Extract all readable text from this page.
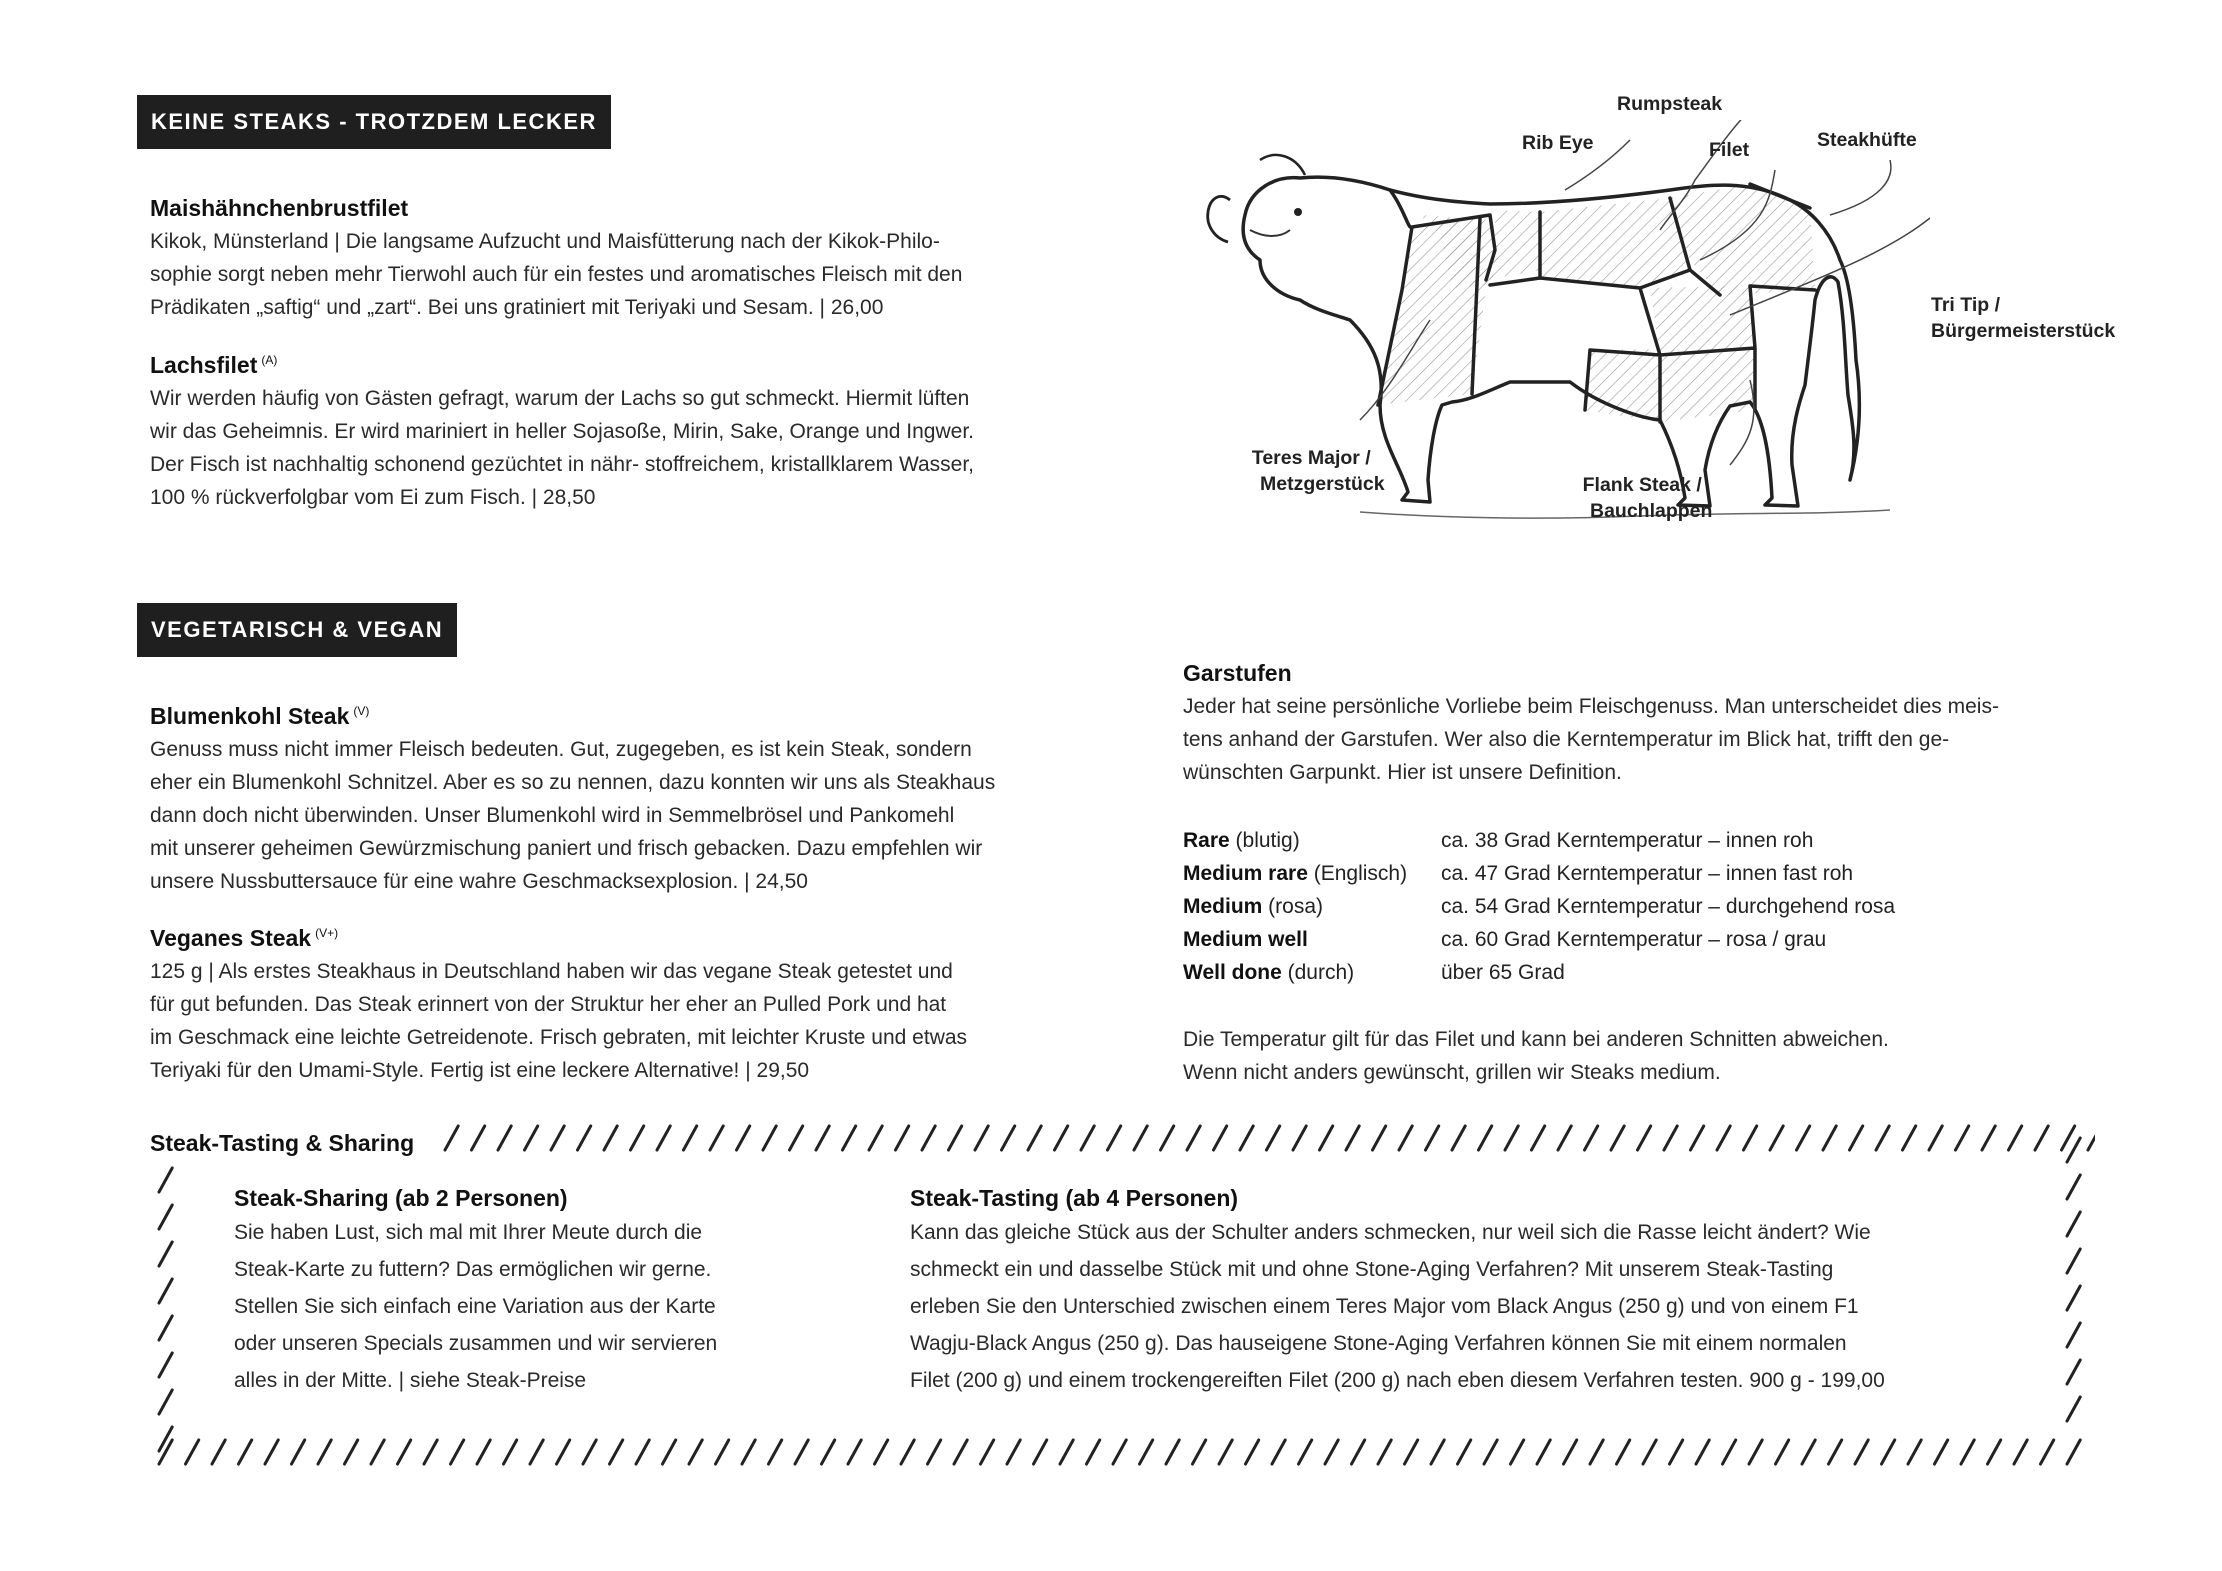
KEINE STEAKS - TROTZDEM LECKER
Maishähnchenbrustfilet
Kikok, Münsterland | Die langsame Aufzucht und Maisfütterung nach der Kikok-Philo-
sophie sorgt neben mehr Tierwohl auch für ein festes und aromatisches Fleisch mit den
Prädikaten „saftig“ und „zart“. Bei uns gratiniert mit Teriyaki und Sesam. | 26,00
Lachsfilet $^{(A)}$
Wir werden häufig von Gästen gefragt, warum der Lachs so gut schmeckt. Hiermit lüften
wir das Geheimnis. Er wird mariniert in heller Sojasoße, Mirin, Sake, Orange und Ingwer.
Der Fisch ist nachhaltig schonend gezüchtet in nähr- stoffreichem, kristallklarem Wasser,
100 % rückverfolgbar vom Ei zum Fisch. | 28,50
VEGETARISCH & VEGAN
Blumenkohl Steak $^{(V)}$
Genuss muss nicht immer Fleisch bedeuten. Gut, zugegeben, es ist kein Steak, sondern
eher ein Blumenkohl Schnitzel. Aber es so zu nennen, dazu konnten wir uns als Steakhaus
dann doch nicht überwinden. Unser Blumenkohl wird in Semmelbrösel und Pankomehl
mit unserer geheimen Gewürzmischung paniert und frisch gebacken. Dazu empfehlen wir
unsere Nussbuttersauce für eine wahre Geschmacksexplosion. | 24,50
Veganes Steak $^{(V+)}$
125 g | Als erstes Steakhaus in Deutschland haben wir das vegane Steak getestet und
für gut befunden. Das Steak erinnert von der Struktur her eher an Pulled Pork und hat
im Geschmack eine leichte Getreidenote. Frisch gebraten, mit leichter Kruste und etwas
Teriyaki für den Umami-Style. Fertig ist eine leckere Alternative! | 29,50
Rumpsteak
Rib Eye	Filet	Steakhüfte
Tri Tip /
Bürgermeisterstück
Teres Major /
Metzgerstück	Flank Steak /
Bauchlappen
Garstufen
Jeder hat seine persönliche Vorliebe beim Fleischgenuss. Man unterscheidet dies meis-
tens anhand der Garstufen. Wer also die Kerntemperatur im Blick hat, trifft den ge-
wünschten Garpunkt. Hier ist unsere Definition.
Rare (blutig)	ca. 38 Grad Kerntemperatur – innen roh
Medium rare (Englisch)	ca. 47 Grad Kerntemperatur – innen fast roh
Medium (rosa)	ca. 54 Grad Kerntemperatur – durchgehend rosa
Medium well	ca. 60 Grad Kerntemperatur – rosa / grau
Well done (durch)	über 65 Grad
Die Temperatur gilt für das Filet und kann bei anderen Schnitten abweichen.
Wenn nicht anders gewünscht, grillen wir Steaks medium.
Steak-Tasting & Sharing
Steak-Sharing (ab 2 Personen)
Sie haben Lust, sich mal mit Ihrer Meute durch die
Steak-Karte zu futtern? Das ermöglichen wir gerne.
Stellen Sie sich einfach eine Variation aus der Karte
oder unseren Specials zusammen und wir servieren
alles in der Mitte. | siehe Steak-Preise
Steak-Tasting (ab 4 Personen)
Kann das gleiche Stück aus der Schulter anders schmecken, nur weil sich die Rasse leicht ändert? Wie
schmeckt ein und dasselbe Stück mit und ohne Stone-Aging Verfahren? Mit unserem Steak-Tasting
erleben Sie den Unterschied zwischen einem Teres Major vom Black Angus (250 g) und von einem F1
Wagju-Black Angus (250 g). Das hauseigene Stone-Aging Verfahren können Sie mit einem normalen
Filet (200 g) und einem trockengereiften Filet (200 g) nach eben diesem Verfahren testen. 900 g - 199,00
